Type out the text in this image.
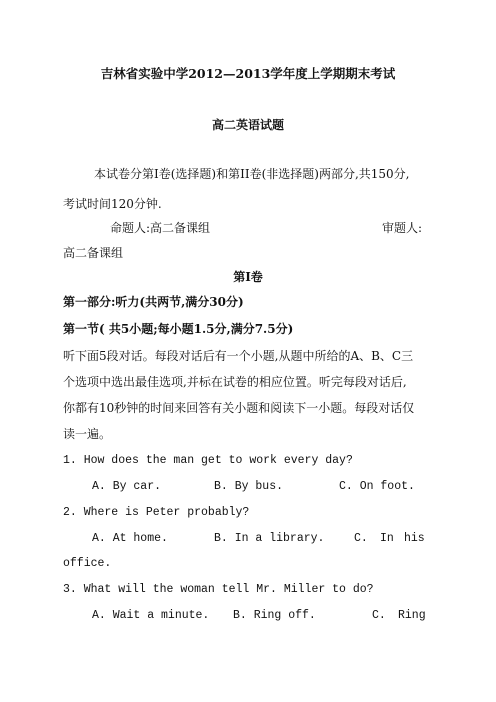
吉林省实验中学2012—2013学年度上学期期末考试
高二英语试题
本试卷分第Ⅰ卷(选择题)和第II卷(非选择题)两部分,共150分,
考试时间120分钟.
命题人:高二备课组	审题人:
高二备课组
第Ⅰ卷
第一部分:听力(共两节,满分30分)
第一节( 共5小题;每小题1.5分,满分7.5分)
听下面5段对话。每段对话后有一个小题,从题中所给的A、B、C三
个选项中选出最佳选项,并标在试卷的相应位置。听完每段对话后,
你都有10秒钟的时间来回答有关小题和阅读下一小题。每段对话仅
读一遍。
1. How does the man get to work every day?
A. By car.	B. By bus.	C. On foot.
2. Where is Peter probably?
A. At home.	B. In a library.	C. In his
office.
3. What will the woman tell Mr. Miller to do?
A. Wait a minute. B. Ring off.	C. Ring
